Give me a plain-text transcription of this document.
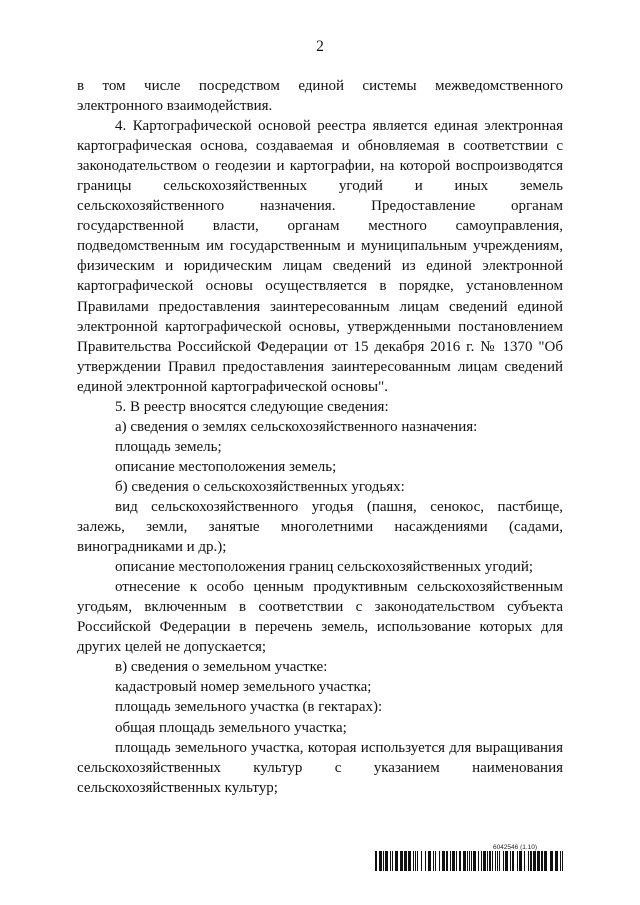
2

в том числе посредством единой системы межведомственного электронного взаимодействия.

4. Картографической основой реестра является единая электронная картографическая основа, создаваемая и обновляемая в соответствии с законодательством о геодезии и картографии, на которой воспроизводятся границы сельскохозяйственных угодий и иных земель сельскохозяйственного назначения. Предоставление органам государственной власти, органам местного самоуправления, подведомственным им государственным и муниципальным учреждениям, физическим и юридическим лицам сведений из единой электронной картографической основы осуществляется в порядке, установленном Правилами предоставления заинтересованным лицам сведений единой электронной картографической основы, утвержденными постановлением Правительства Российской Федерации от 15 декабря 2016 г. № 1370 "Об утверждении Правил предоставления заинтересованным лицам сведений единой электронной картографической основы".

5. В реестр вносятся следующие сведения:

а) сведения о землях сельскохозяйственного назначения:

площадь земель;

описание местоположения земель;

б) сведения о сельскохозяйственных угодьях:

вид сельскохозяйственного угодья (пашня, сенокос, пастбище, залежь, земли, занятые многолетними насаждениями (садами, виноградниками и др.);

описание местоположения границ сельскохозяйственных угодий;

отнесение к особо ценным продуктивным сельскохозяйственным угодьям, включенным в соответствии с законодательством субъекта Российской Федерации в перечень земель, использование которых для других целей не допускается;

в) сведения о земельном участке:

кадастровый номер земельного участка;

площадь земельного участка (в гектарах):

общая площадь земельного участка;

площадь земельного участка, которая используется для выращивания сельскохозяйственных культур с указанием наименования сельскохозяйственных культур;

6042546 (1.10)
